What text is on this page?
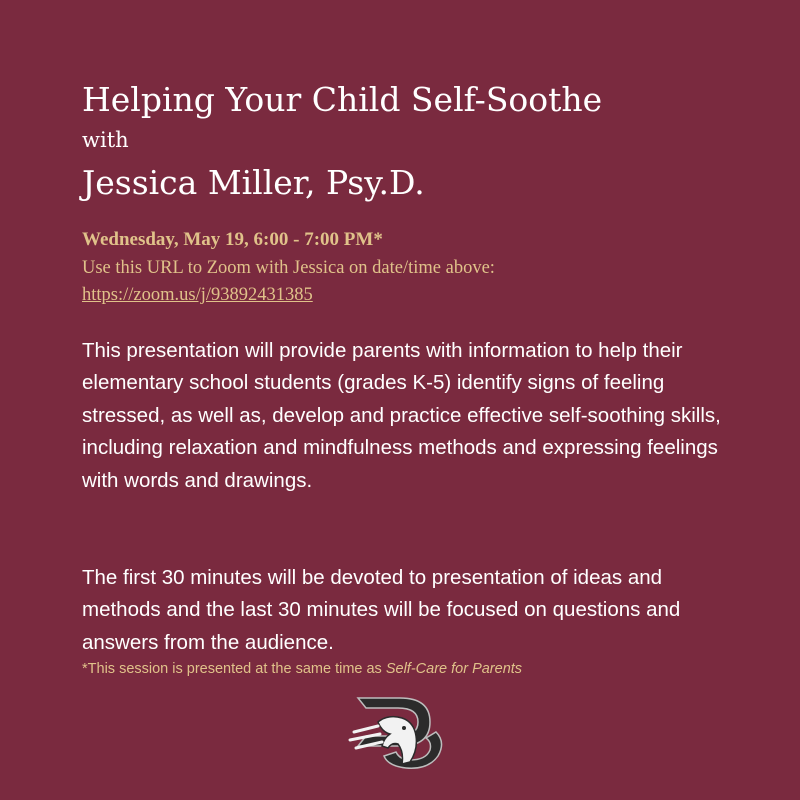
Helping Your Child Self-Soothe
with
Jessica Miller, Psy.D.
Wednesday, May 19, 6:00 - 7:00 PM*
Use this URL to Zoom with Jessica on date/time above:
https://zoom.us/j/93892431385

This presentation will provide parents with information to help their elementary school students (grades K-5) identify signs of feeling stressed, as well as, develop and practice effective self-soothing skills, including relaxation and mindfulness methods and expressing feelings with words and drawings.

The first 30 minutes will be devoted to presentation of ideas and methods and the last 30 minutes will be focused on questions and answers from the audience.

*This session is presented at the same time as Self-Care for Parents
